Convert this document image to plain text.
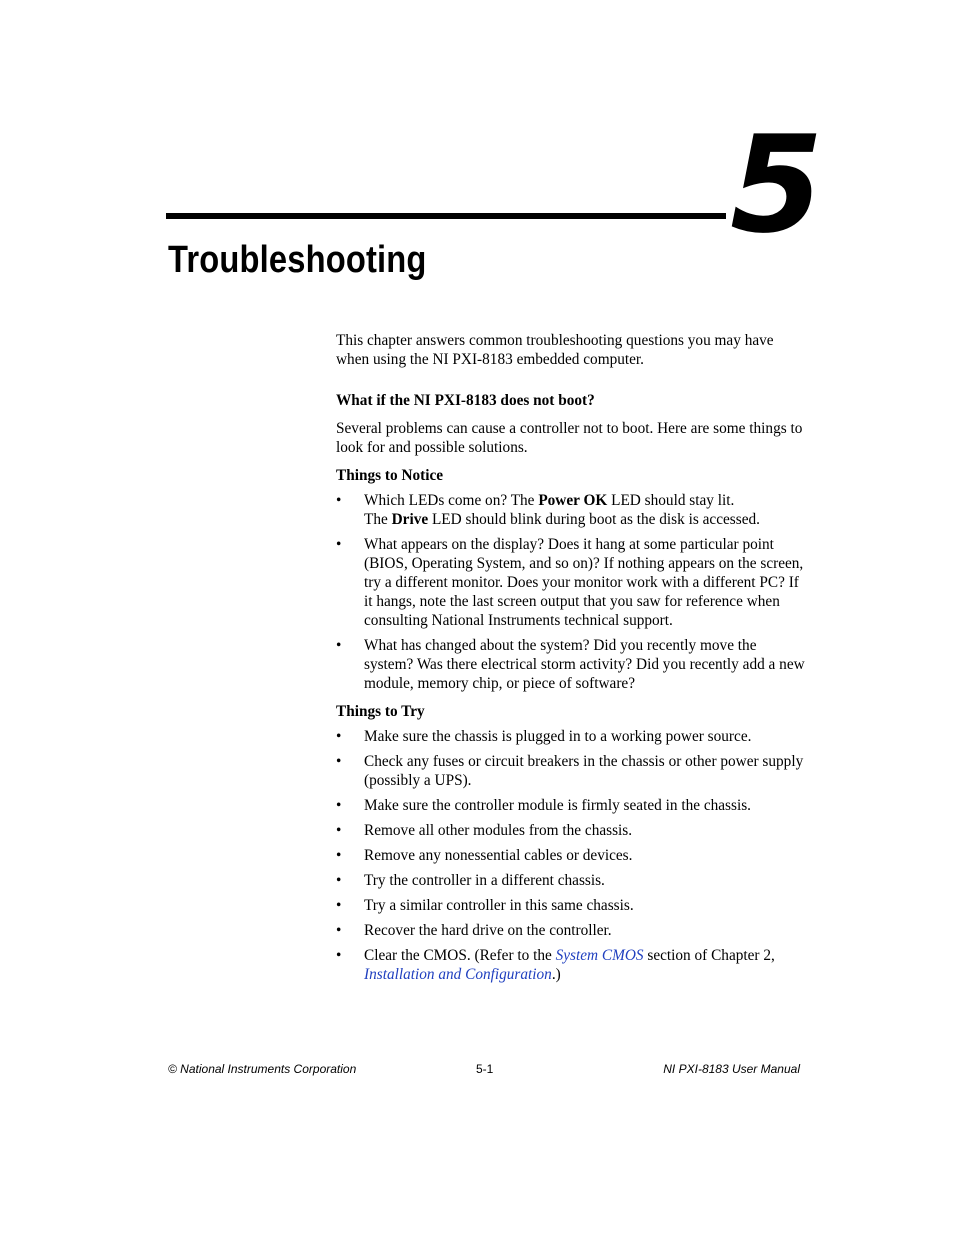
5
Troubleshooting

This chapter answers common troubleshooting questions you may have when using the NI PXI-8183 embedded computer.

What if the NI PXI-8183 does not boot?

Several problems can cause a controller not to boot. Here are some things to look for and possible solutions.

Things to Notice

• Which LEDs come on? The Power OK LED should stay lit.
The Drive LED should blink during boot as the disk is accessed.
• What appears on the display? Does it hang at some particular point (BIOS, Operating System, and so on)? If nothing appears on the screen, try a different monitor. Does your monitor work with a different PC? If it hangs, note the last screen output that you saw for reference when consulting National Instruments technical support.
• What has changed about the system? Did you recently move the system? Was there electrical storm activity? Did you recently add a new module, memory chip, or piece of software?

Things to Try

• Make sure the chassis is plugged in to a working power source.
• Check any fuses or circuit breakers in the chassis or other power supply (possibly a UPS).
• Make sure the controller module is firmly seated in the chassis.
• Remove all other modules from the chassis.
• Remove any nonessential cables or devices.
• Try the controller in a different chassis.
• Try a similar controller in this same chassis.
• Recover the hard drive on the controller.
• Clear the CMOS. (Refer to the System CMOS section of Chapter 2, Installation and Configuration.)
© National Instruments Corporation	5-1	NI PXI-8183 User Manual
